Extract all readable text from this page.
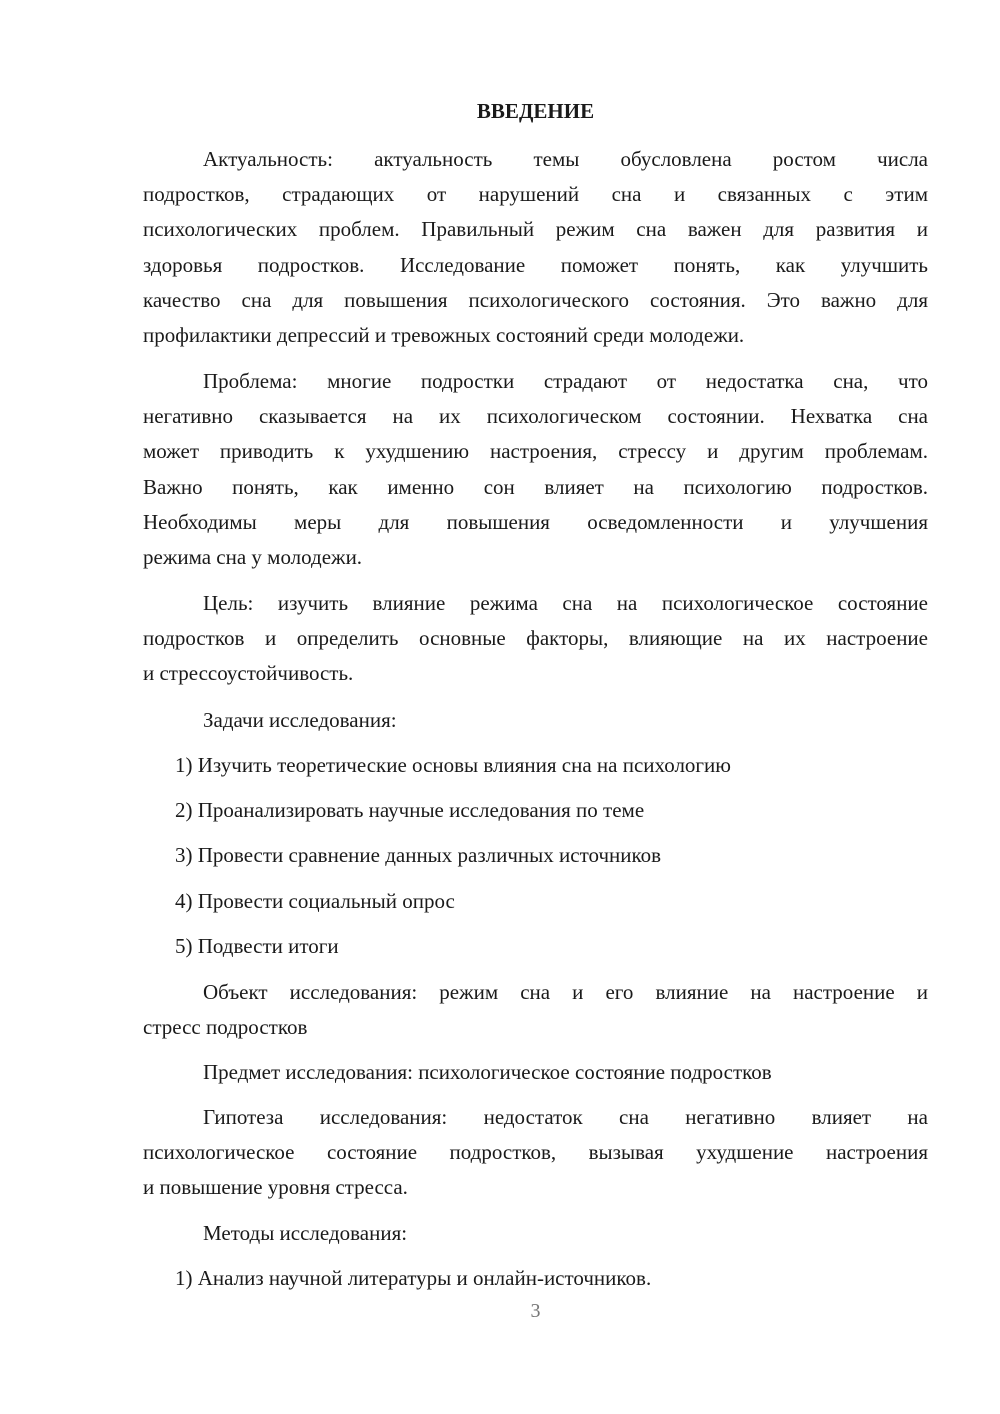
ВВЕДЕНИЕ
Актуальность: актуальность темы обусловлена ростом числа
подростков, страдающих от нарушений сна и связанных с этим
психологических проблем. Правильный режим сна важен для развития и
здоровья подростков. Исследование поможет понять, как улучшить
качество сна для повышения психологического состояния. Это важно для
профилактики депрессий и тревожных состояний среди молодежи.
Проблема: многие подростки страдают от недостатка сна, что
негативно сказывается на их психологическом состоянии. Нехватка сна
может приводить к ухудшению настроения, стрессу и другим проблемам.
Важно понять, как именно сон влияет на психологию подростков.
Необходимы меры для повышения осведомленности и улучшения
режима сна у молодежи.
Цель: изучить влияние режима сна на психологическое состояние
подростков и определить основные факторы, влияющие на их настроение
и стрессоустойчивость.
Задачи исследования:
1) Изучить теоретические основы влияния сна на психологию
2) Проанализировать научные исследования по теме
3) Провести сравнение данных различных источников
4) Провести социальный опрос
5) Подвести итоги
Объект исследования: режим сна и его влияние на настроение и
стресс подростков
Предмет исследования: психологическое состояние подростков
Гипотеза исследования: недостаток сна негативно влияет на
психологическое состояние подростков, вызывая ухудшение настроения
и повышение уровня стресса.
Методы исследования:
1) Анализ научной литературы и онлайн-источников.
3
